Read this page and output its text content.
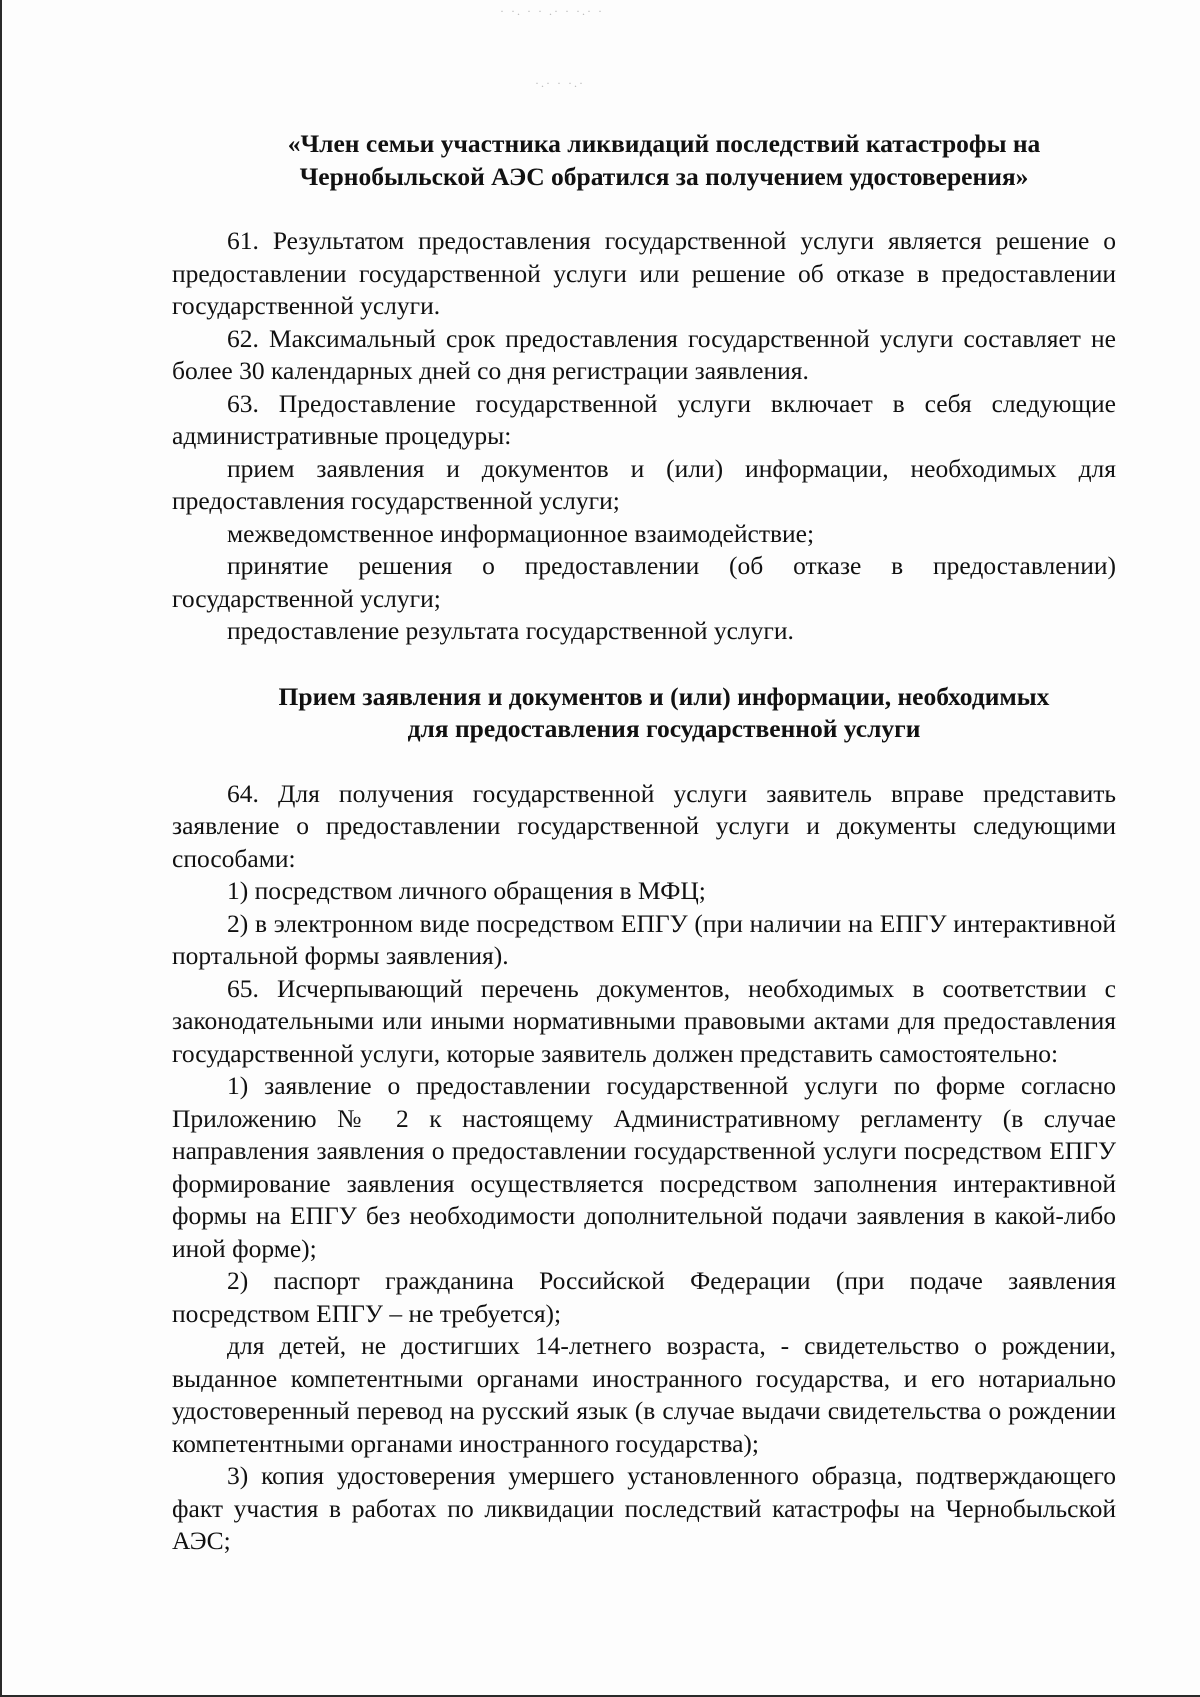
· ·. · · .· · ·.· ·
·.· · ·.·

«Член семьи участника ликвидаций последствий катастрофы на
Чернобыльской АЭС обратился за получением удостоверения»

61. Результатом предоставления государственной услуги является решение о предоставлении государственной услуги или решение об отказе в предоставлении государственной услуги.

62. Максимальный срок предоставления государственной услуги составляет не более 30 календарных дней со дня регистрации заявления.

63. Предоставление государственной услуги включает в себя следующие административные процедуры:

прием заявления и документов и (или) информации, необходимых для предоставления государственной услуги;

межведомственное информационное взаимодействие;

принятие решения о предоставлении (об отказе в предоставлении) государственной услуги;

предоставление результата государственной услуги.

Прием заявления и документов и (или) информации, необходимых
для предоставления государственной услуги

64. Для получения государственной услуги заявитель вправе представить заявление о предоставлении государственной услуги и документы следующими способами:

1) посредством личного обращения в МФЦ;

2) в электронном виде посредством ЕПГУ (при наличии на ЕПГУ интерактивной портальной формы заявления).

65. Исчерпывающий перечень документов, необходимых в соответствии с законодательными или иными нормативными правовыми актами для предоставления государственной услуги, которые заявитель должен представить самостоятельно:

1) заявление о предоставлении государственной услуги по форме согласно Приложению № 2 к настоящему Административному регламенту (в случае направления заявления о предоставлении государственной услуги посредством ЕПГУ формирование заявления осуществляется посредством заполнения интерактивной формы на ЕПГУ без необходимости дополнительной подачи заявления в какой-либо иной форме);

2) паспорт гражданина Российской Федерации (при подаче заявления посредством ЕПГУ – не требуется);

для детей, не достигших 14-летнего возраста, - свидетельство о рождении, выданное компетентными органами иностранного государства, и его нотариально удостоверенный перевод на русский язык (в случае выдачи свидетельства о рождении компетентными органами иностранного государства);

3) копия удостоверения умершего установленного образца, подтверждающего факт участия в работах по ликвидации последствий катастрофы на Чернобыльской АЭС;
